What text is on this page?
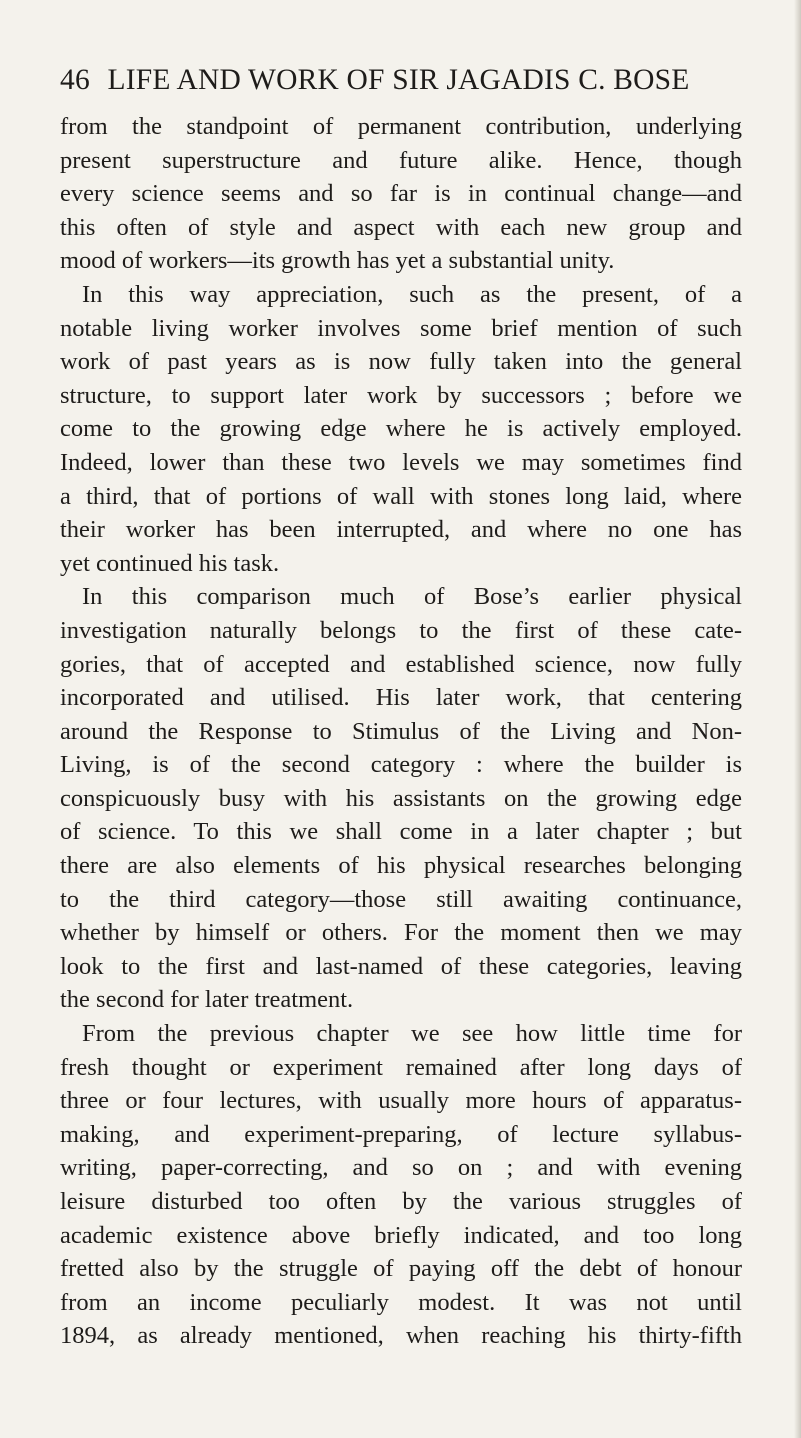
46 LIFE AND WORK OF SIR JAGADIS C. BOSE
from the standpoint of permanent contribution, underlying
present superstructure and future alike. Hence, though
every science seems and so far is in continual change—and
this often of style and aspect with each new group and
mood of workers—its growth has yet a substantial unity.
In this way appreciation, such as the present, of a
notable living worker involves some brief mention of such
work of past years as is now fully taken into the general
structure, to support later work by successors ; before we
come to the growing edge where he is actively employed.
Indeed, lower than these two levels we may sometimes find
a third, that of portions of wall with stones long laid, where
their worker has been interrupted, and where no one has
yet continued his task.
In this comparison much of Bose’s earlier physical
investigation naturally belongs to the first of these cate-
gories, that of accepted and established science, now fully
incorporated and utilised. His later work, that centering
around the Response to Stimulus of the Living and Non-
Living, is of the second category : where the builder is
conspicuously busy with his assistants on the growing edge
of science. To this we shall come in a later chapter ; but
there are also elements of his physical researches belonging
to the third category—those still awaiting continuance,
whether by himself or others. For the moment then we may
look to the first and last-named of these categories, leaving
the second for later treatment.
From the previous chapter we see how little time for
fresh thought or experiment remained after long days of
three or four lectures, with usually more hours of apparatus-
making, and experiment-preparing, of lecture syllabus-
writing, paper-correcting, and so on ; and with evening
leisure disturbed too often by the various struggles of
academic existence above briefly indicated, and too long
fretted also by the struggle of paying off the debt of honour
from an income peculiarly modest. It was not until
1894, as already mentioned, when reaching his thirty-fifth
